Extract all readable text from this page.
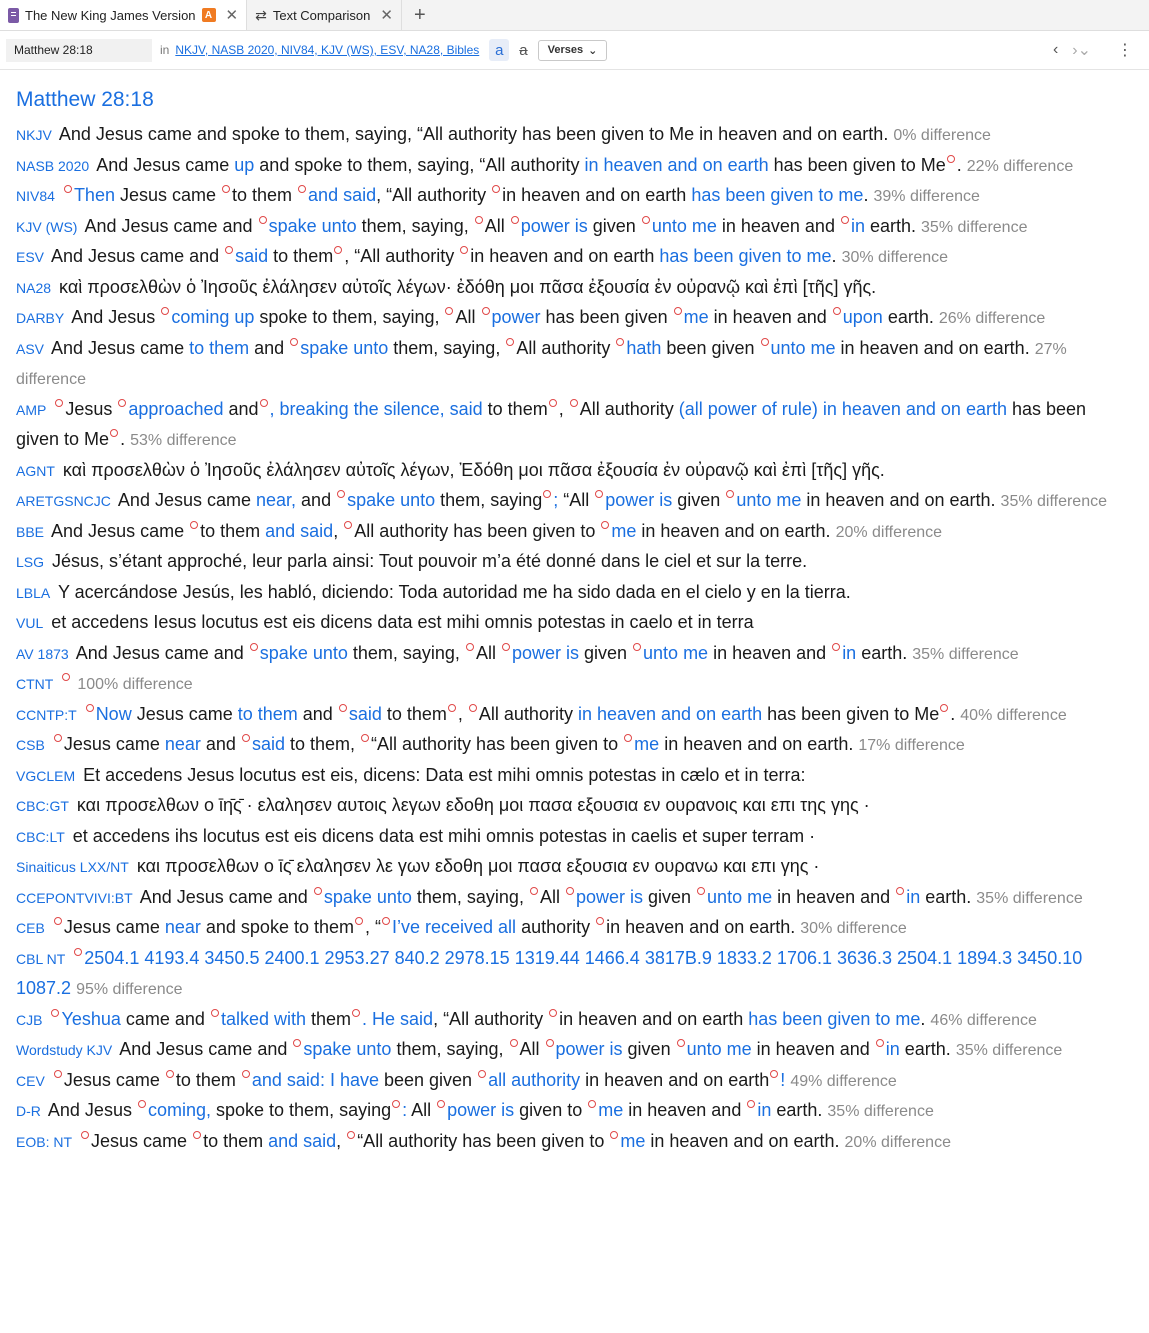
The New King James Version A ✕ ⇄ Text Comparison ✕	+
Matthew 28:18
in NKJV, NASB 2020, NIV84, KJV (WS), ESV, NA28, Bibles	a	a	Verses ⌄	‹ ›⌄ ⋮
Matthew 28:18

NKJV And Jesus came and spoke to them, saying, “All authority has been given to Me in heaven and on earth. 0% difference

NASB 2020 And Jesus came up and spoke to them, saying, “All authority in heaven and on earth has been given to Me . 22% difference

NIV84 Then Jesus came to them and said, “All authority in heaven and on earth has been given to me. 39% difference

KJV (WS) And Jesus came and spake unto them, saying, All power is given unto me in heaven and in earth. 35% difference

ESV And Jesus came and said to them , “All authority in heaven and on earth has been given to me. 30% difference

NA28 καὶ προσελθὼν ὁ Ἰησοῦς ἐλάλησεν αὐτοῖς λέγων· ἐδόθη μοι πᾶσα ἐξουσία ἐν οὐρανῷ καὶ ἐπὶ [τῆς] γῆς.

DARBY And Jesus coming up spoke to them, saying, All power has been given me in heaven and upon earth. 26% difference

ASV And Jesus came to them and spake unto them, saying, All authority hath been given unto me in heaven and on earth. 27% difference

AMP Jesus approached and , breaking the silence, said to them , All authority (all power of rule) in heaven and on earth has been given to Me . 53% difference

AGNT καὶ προσελθὼν ὁ Ἰησοῦς ἐλάλησεν αὐτοῖς λέγων, Ἐδόθη μοι πᾶσα ἐξουσία ἐν οὐρανῷ καὶ ἐπὶ [τῆς] γῆς.

ARETGSNCJC And Jesus came near, and spake unto them, saying ; “All power is given unto me in heaven and on earth. 35% difference

BBE And Jesus came to them and said, All authority has been given to me in heaven and on earth. 20% difference

LSG Jésus, s’étant approché, leur parla ainsi: Tout pouvoir m’a été donné dans le ciel et sur la terre.

LBLA Y acercándose Jesús, les habló, diciendo: Toda autoridad me ha sido dada en el cielo y en la tierra.

VUL et accedens Iesus locutus est eis dicens data est mihi omnis potestas in caelo et in terra

AV 1873 And Jesus came and spake unto them, saying, All power is given unto me in heaven and in earth. 35% difference

CTNT 100% difference

CCNTP:T Now Jesus came to them and said to them , All authority in heaven and on earth has been given to Me . 40% difference

CSB Jesus came near and said to them, “All authority has been given to me in heaven and on earth. 17% difference

VGCLEM Et accedens Jesus locutus est eis, dicens: Data est mihi omnis potestas in cælo et in terra:

CBC:GT και προσελθων ο ῑη̄ς̄ · ελαλησεν αυτοις λεγων εδοθη μοι πασα εξουσια εν ουρανοις και επι της γης ·

CBC:LT et accedens ihs locutus est eis dicens data est mihi omnis potestas in caelis et super terram ·

Sinaiticus LXX/NT και προσελθων ο ῑς̄ ελαλησεν λε γων εδοθη μοι πασα εξουσια εν ουρανω και επι γης ·

CCEPONTVIVI:BT And Jesus came and spake unto them, saying, All power is given unto me in heaven and in earth. 35% difference

CEB Jesus came near and spoke to them , “ I’ve received all authority in heaven and on earth. 30% difference

CBL NT 2504.1 4193.4 3450.5 2400.1 2953.27 840.2 2978.15 1319.44 1466.4 3817B.9 1833.2 1706.1 3636.3 2504.1 1894.3 3450.10 1087.2 95% difference

CJB Yeshua came and talked with them . He said, “All authority in heaven and on earth has been given to me. 46% difference

Wordstudy KJV And Jesus came and spake unto them, saying, All power is given unto me in heaven and in earth. 35% difference

CEV Jesus came to them and said: I have been given all authority in heaven and on earth ! 49% difference

D-R And Jesus coming, spoke to them, saying : All power is given to me in heaven and in earth. 35% difference

EOB: NT Jesus came to them and said, “All authority has been given to me in heaven and on earth. 20% difference
